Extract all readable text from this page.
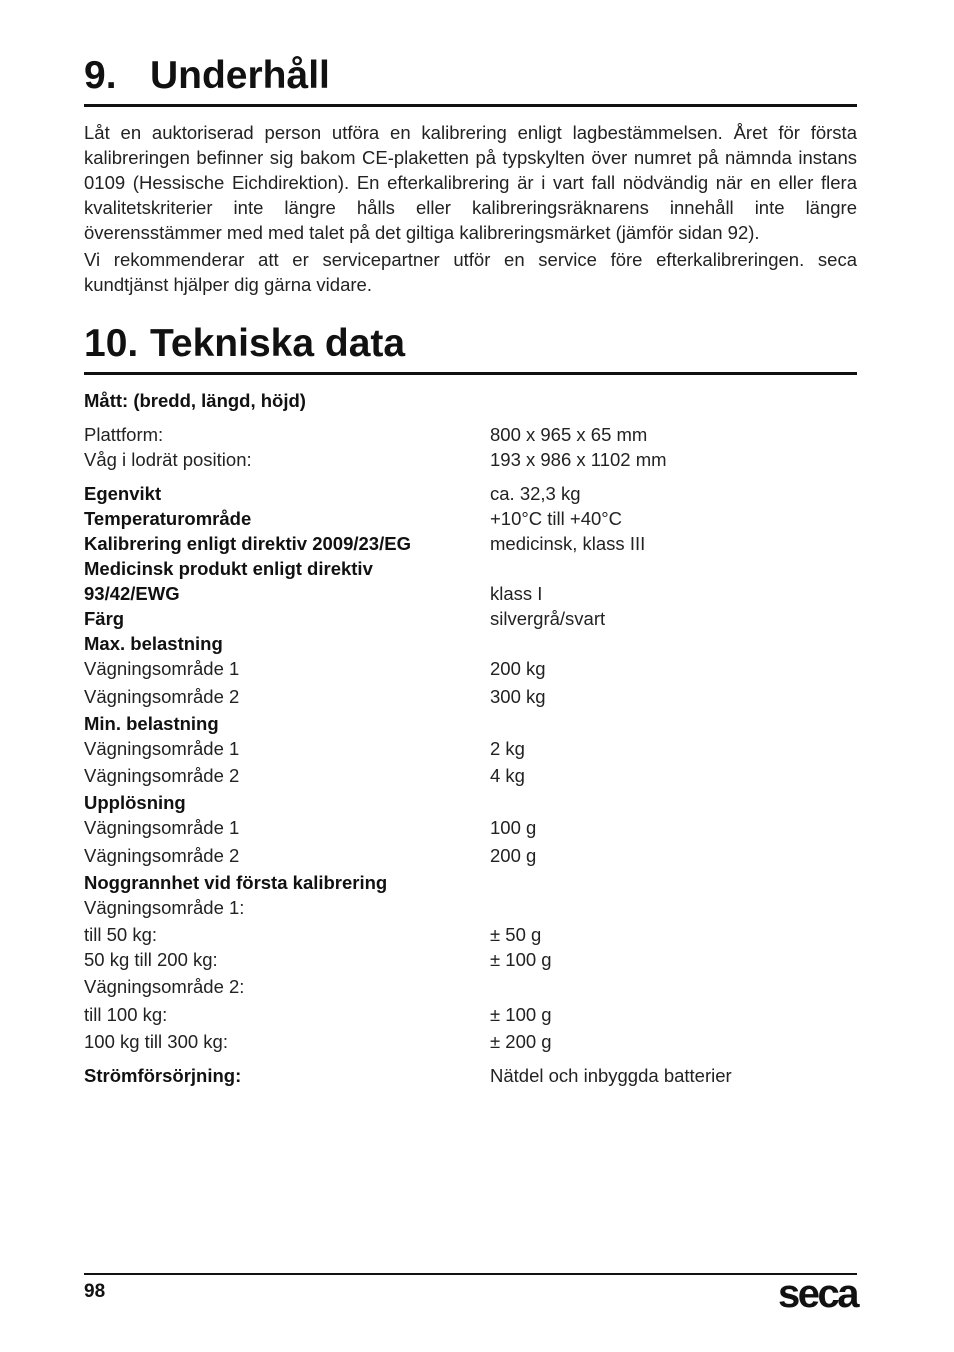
9. Underhåll

Låt en auktoriserad person utföra en kalibrering enligt lagbestämmelsen. Året för första kalibreringen befinner sig bakom CE-plaketten på typskylten över numret på nämnda instans 0109 (Hessische Eichdirektion). En efterkalibrering är i vart fall nödvändig när en eller flera kvalitetskriterier inte längre hålls eller kalibreringsräknarens innehåll inte längre överensstämmer med med talet på det giltiga kalibreringsmärket (jämför sidan 92).

Vi rekommenderar att er servicepartner utför en service före efterkalibreringen. seca kundtjänst hjälper dig gärna vidare.

10. Tekniska data
Mått: (bredd, längd, höjd)
Plattform:	800 x 965 x 65 mm
Våg i lodrät position:	193 x 986 x 1102 mm
Egenvikt	ca. 32,3 kg
Temperaturområde	+10°C till +40°C
Kalibrering enligt direktiv 2009/23/EG	medicinsk, klass III
Medicinsk produkt enligt direktiv
93/42/EWG	klass I
Färg	silvergrå/svart
Max. belastning
Vägningsområde 1	200 kg
Vägningsområde 2	300 kg
Min. belastning
Vägningsområde 1	2 kg
Vägningsområde 2	4 kg
Upplösning
Vägningsområde 1	100 g
Vägningsområde 2	200 g
Noggrannhet vid första kalibrering
Vägningsområde 1:
till 50 kg:	± 50 g
50 kg till 200 kg:	± 100 g
Vägningsområde 2:
till 100 kg:	± 100 g
100 kg till 300 kg:	± 200 g
Strömförsörjning:	Nätdel och inbyggda batterier
98	seca
